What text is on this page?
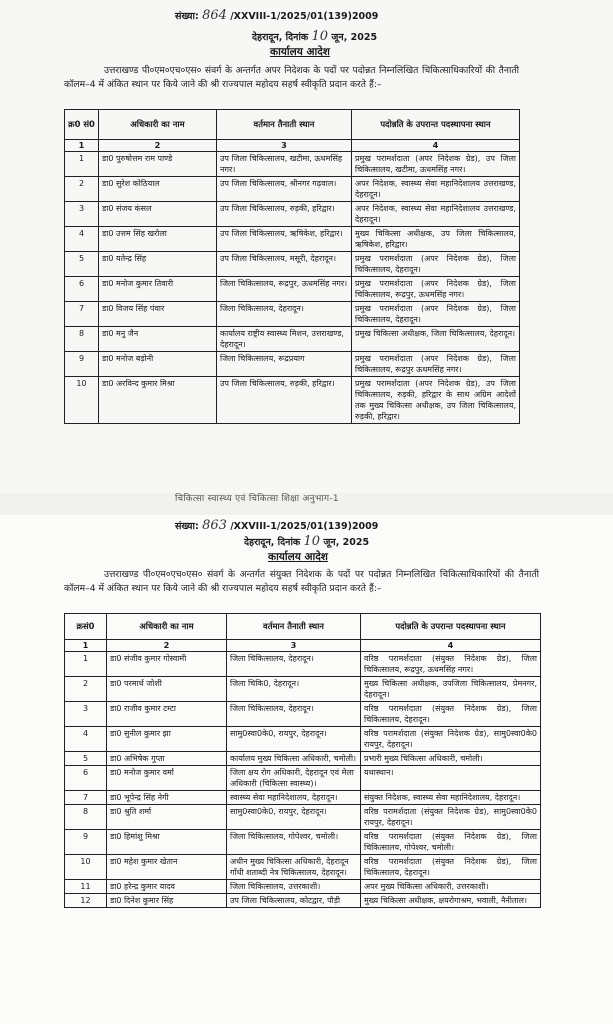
संख्या: 864 /XXVIII-1/2025/01(139)2009
देहरादून, दिनांक 10 जून, 2025
कार्यालय आदेश
उत्तराखण्ड पी०एम०एच०एस० संवर्ग के अन्तर्गत अपर निदेशक के पदों पर पदोन्नत निम्नलिखित चिकित्साधिकारियों की तैनाती कॉलम–4 में अंकित स्थान पर किये जाने की श्री राज्यपाल महोदय सहर्ष स्वीकृति प्रदान करते हैं:–
क्र0 सं0	अधिकारी का नाम	वर्तमान तैनाती स्थान	पदोन्नति के उपरान्त पदस्थापना स्थान
1	2	3	4
1	डा0 पुरुषोत्तम राम पाण्डे	उप जिला चिकित्सालय, खटीमा, ऊधमसिंह नगर।	प्रमुख परामर्शदाता (अपर निदेशक ग्रेड), उप जिला चिकित्सालय, खटीमा, ऊधमसिंह नगर।
2	डा0 सुरेश कोठियाल	उप जिला चिकित्सालय, श्रीनगर गढ़वाल।	अपर निदेशक, स्वास्थ्य सेवा महानिदेशालय उत्तराखण्ड, देहरादून।
3	डा0 संजय कंसल	उप जिला चिकित्सालय, रुड़की, हरिद्वार।	अपर निदेशक, स्वास्थ्य सेवा महानिदेशालय उत्तराखण्ड, देहरादून।
4	डा0 उत्तम सिंह खरोला	उप जिला चिकित्सालय, ऋषिकेश, हरिद्वार।	मुख्य चिकित्सा अधीक्षक, उप जिला चिकित्सालय, ऋषिकेश, हरिद्वार।
5	डा0 यतेन्द्र सिंह	उप जिला चिकित्सालय, मसूरी, देहरादून।	प्रमुख परामर्शदाता (अपर निदेशक ग्रेड), जिला चिकित्सालय, देहरादून।
6	डा0 मनोज कुमार तिवारी	जिला चिकित्सालय, रूद्रपुर, ऊधमसिंह नगर।	प्रमुख परामर्शदाता (अपर निदेशक ग्रेड), जिला चिकित्सालय, रूद्रपुर, ऊधमसिंह नगर।
7	डा0 विजय सिंह पंवार	जिला चिकित्सालय, देहरादून।	प्रमुख परामर्शदाता (अपर निदेशक ग्रेड), जिला चिकित्सालय, देहरादून।
8	डा0 मनु जैन	कार्यालय राष्ट्रीय स्वास्थ्य मिशन, उत्तराखण्ड, देहरादून।	प्रमुख चिकित्सा अधीक्षक, जिला चिकित्सालय, देहरादून।
9	डा0 मनोज बड़ोनी	जिला चिकित्सालय, रूद्रप्रयाग	प्रमुख परामर्शदाता (अपर निदेशक ग्रेड), जिला चिकित्सालय, रूद्रपुर ऊधमसिंह नगर।
10	डा0 अरविन्द कुमार मिश्रा	उप जिला चिकित्सालय, रुड़की, हरिद्वार।	प्रमुख परामर्शदाता (अपर निदेशक ग्रेड), उप जिला चिकित्सालय, रुड़की, हरिद्वार के साथ अग्रिम आदेशों तक मुख्य चिकित्सा अधीक्षक, उप जिला चिकित्सालय, रुड़की, हरिद्वार।
चिकित्सा स्वास्थ्य एवं चिकित्सा शिक्षा अनुभाग-1
संख्या: 863 /XXVIII-1/2025/01(139)2009
देहरादून, दिनांक 10 जून, 2025
कार्यालय आदेश
उत्तराखण्ड पी०एम०एच०एस० संवर्ग के अन्तर्गत संयुक्त निदेशक के पदों पर पदोन्नत निम्नलिखित चिकित्साधिकारियों की तैनाती कॉलम–4 में अंकित स्थान पर किये जाने की श्री राज्यपाल महोदय सहर्ष स्वीकृति प्रदान करते हैं:–
क्रसं0	अधिकारी का नाम	वर्तमान तैनाती स्थान	पदोन्नति के उपरान्त पदस्थापना स्थान
1	2	3	4
1	डा0 संजीव कुमार गोस्वामी	जिला चिकित्सालय, देहरादून।	वरिष्ठ परामर्शदाता (संयुक्त निदेशक ग्रेड), जिला चिकित्सालय, रूद्रपुर, ऊधमसिंह नगर।
2	डा0 परमार्थ जोशी	जिला चिकि0, देहरादून।	मुख्य चिकित्सा अधीक्षक, उपजिला चिकित्सालय, प्रेमनगर, देहरादून।
3	डा0 राजीव कुमार टम्टा	जिला चिकित्सालय, देहरादून।	वरिष्ठ परामर्शदाता (संयुक्त निदेशक ग्रेड), जिला चिकित्सालय, देहरादून।
4	डा0 सुनील कुमार झा	सामु0स्वा0के0, रायपुर, देहरादून।	वरिष्ठ परामर्शदाता (संयुक्त निदेशक ग्रेड), सामु0स्वा0के0 रायपुर, देहरादून।
5	डा0 अभिषेक गुप्ता	कार्यालय मुख्य चिकित्सा अधिकारी, चमोली।	प्रभारी मुख्य चिकित्सा अधिकारी, चमोली।
6	डा0 मनोज कुमार वर्मा	जिला क्षय रोग अधिकारी, देहरादून एवं मेला अधिकारी (चिकित्सा स्वास्थ्य)।	यथास्थान।
7	डा0 भूपेन्द्र सिंह नेगी	स्वास्थ्य सेवा महानिदेशालय, देहरादून।	संयुक्त निदेशक, स्वास्थ्य सेवा महानिदेशालय, देहरादून।
8	डा0 श्रुति शर्मा	सामु0स्वा0के0, रायपुर, देहरादून।	वरिष्ठ परामर्शदाता (संयुक्त निदेशक ग्रेड), सामु0स्वा0के0 रायपुर, देहरादून।
9	डा0 हिमांशु मिश्रा	जिला चिकित्सालय, गोपेश्वर, चमोली।	वरिष्ठ परामर्शदाता (संयुक्त निदेशक ग्रेड), जिला चिकित्सालय, गोपेश्वर, चमोली।
10	डा0 महेश कुमार खेतान	अधीन मुख्य चिकित्सा अधिकारी, देहरादून गाँधी शताब्दी नेत्र चिकित्सालय, देहरादून।	वरिष्ठ परामर्शदाता (संयुक्त निदेशक ग्रेड), जिला चिकित्सालय, देहरादून।
11	डा0 हरेन्द्र कुमार यादव	जिला चिकित्सालय, उत्तरकाशी।	अपर मुख्य चिकित्सा अधिकारी, उत्तरकाशी।
12	डा0 दिनेश कुमार सिंह	उप जिला चिकित्सालय, कोटद्वार, पौड़ी	मुख्य चिकित्सा अधीक्षक, क्षयरोगाश्रम, भवाली, नैनीताल।
